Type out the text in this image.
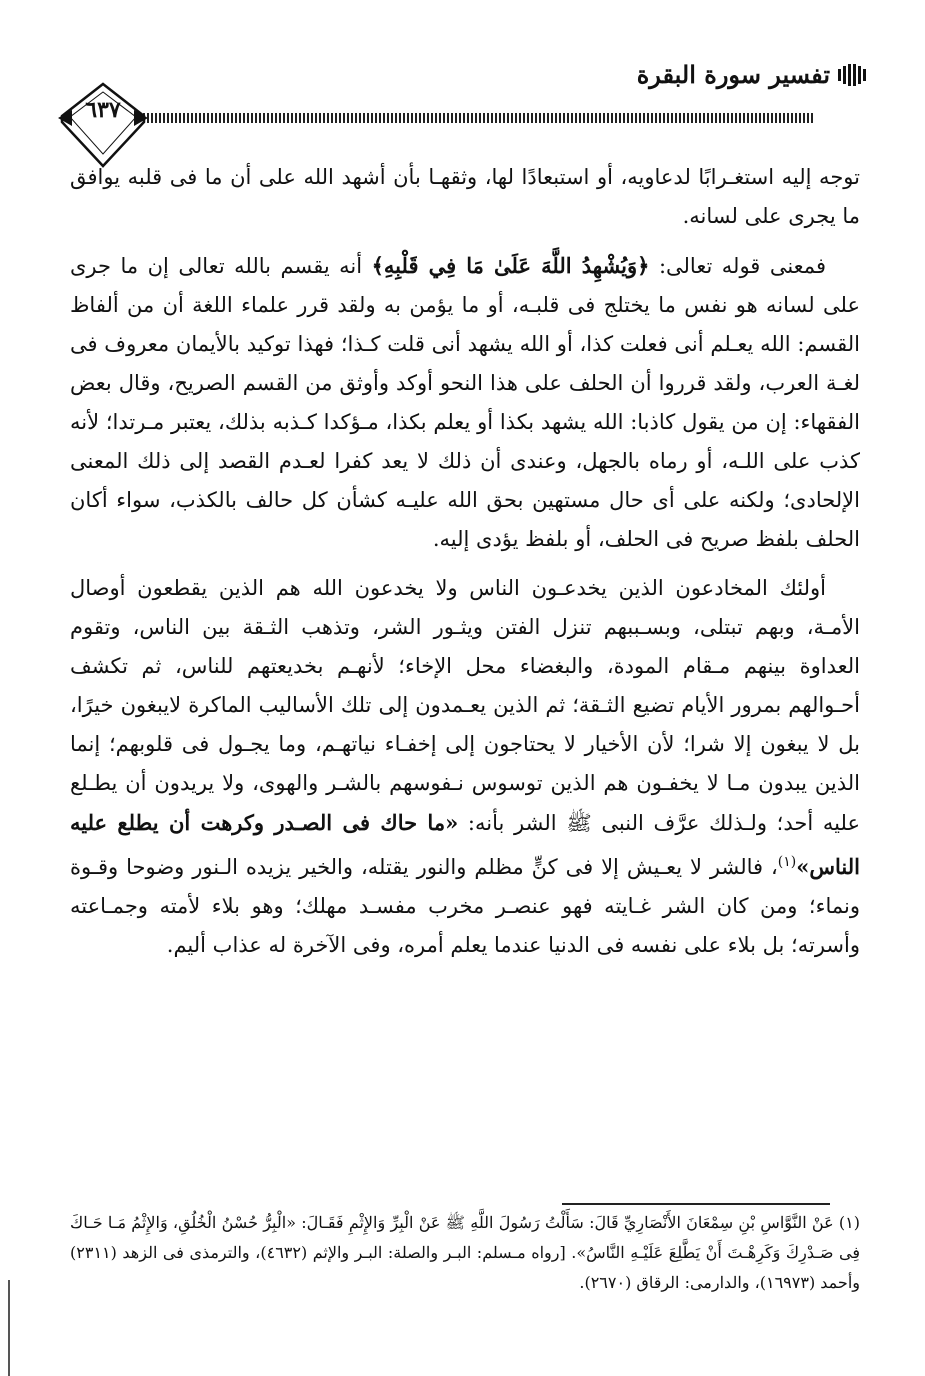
تفسير سورة البقرة
٦٣٧

توجه إليه استغـرابًا لدعاويه، أو استبعادًا لها، وثقهـا بأن أشهد الله على أن ما فى قلبه يوافق ما يجرى على لسانه.

فمعنى قوله تعالى: ﴿وَيُشْهِدُ اللَّهَ عَلَىٰ مَا فِي قَلْبِهِ﴾ أنه يقسم بالله تعالى إن ما جرى على لسانه هو نفس ما يختلج فى قلبـه، أو ما يؤمن به ولقد قرر علماء اللغة أن من ألفاظ القسم: الله يعـلم أنى فعلت كذا، أو الله يشهد أنى قلت كـذا؛ فهذا توكيد بالأيمان معروف فى لغـة العرب، ولقد قرروا أن الحلف على هذا النحو أوكد وأوثق من القسم الصريح، وقال بعض الفقهاء: إن من يقول كاذبا: الله يشهد بكذا أو يعلم بكذا، مـؤكدا كـذبه بذلك، يعتبر مـرتدا؛ لأنه كذب على اللـه، أو رماه بالجهل، وعندى أن ذلك لا يعد كفرا لعـدم القصد إلى ذلك المعنى الإلحادى؛ ولكنه على أى حال مستهين بحق الله عليـه كشأن كل حالف بالكذب، سواء أكان الحلف بلفظ صريح فى الحلف، أو بلفظ يؤدى إليه.

أولئك المخادعون الذين يخدعـون الناس ولا يخدعون الله هم الذين يقطعون أوصال الأمـة، وبهم تبتلى، وبسـببهم تنزل الفتن ويثـور الشر، وتذهب الثـقة بين الناس، وتقوم العداوة بينهم مـقام المودة، والبغضاء محل الإخاء؛ لأنهـم بخديعتهم للناس، ثم تكشف أحـوالهم بمرور الأيام تضيع الثـقة؛ ثم الذين يعـمدون إلى تلك الأساليب الماكرة لايبغون خيرًا، بل لا يبغون إلا شرا؛ لأن الأخيار لا يحتاجون إلى إخفـاء نياتهـم، وما يجـول فى قلوبهم؛ إنما الذين يبدون مـا لا يخفـون هم الذين توسوس نـفوسهم بالشـر والهوى، ولا يريدون أن يطـلع عليه أحد؛ ولـذلك عرَّف النبى ﷺ الشر بأنه: «ما حاك فى الصـدر وكرهت أن يطلع عليه الناس»$^{(١)}$، فالشر لا يعـيش إلا فى كنٍّ مظلم والنور يقتله، والخير يزيده الـنور وضوحا وقـوة ونماء؛ ومن كان الشر غـايته فهو عنصـر مخرب مفسـد مهلك؛ وهو بلاء لأمته وجمـاعته وأسرته؛ بل بلاء على نفسه فى الدنيا عندما يعلم أمره، وفى الآخرة له عذاب أليم.

(١) عَنْ النَّوَّاسِ بْنِ سِمْعَانَ الأَنْصَارِيِّ قَالَ: سَأَلْتُ رَسُولَ اللَّهِ ﷺ عَنْ الْبِرِّ وَالإِثْمِ فَقَـالَ: «الْبِرُّ حُسْنُ الْخُلُقِ، وَالإِثْمُ مَـا حَـاكَ فِى صَـدْرِكَ وَكَرِهْـتَ أَنْ يَطَّلِعَ عَلَيْـهِ النَّاسُ». [رواه مـسلم: البـر والصلة: البـر والإثم (٤٦٣٢)، والترمذى فى الزهد (٢٣١١) وأحمد (١٦٩٧٣)، والدارمى: الرقاق (٢٦٧٠).
